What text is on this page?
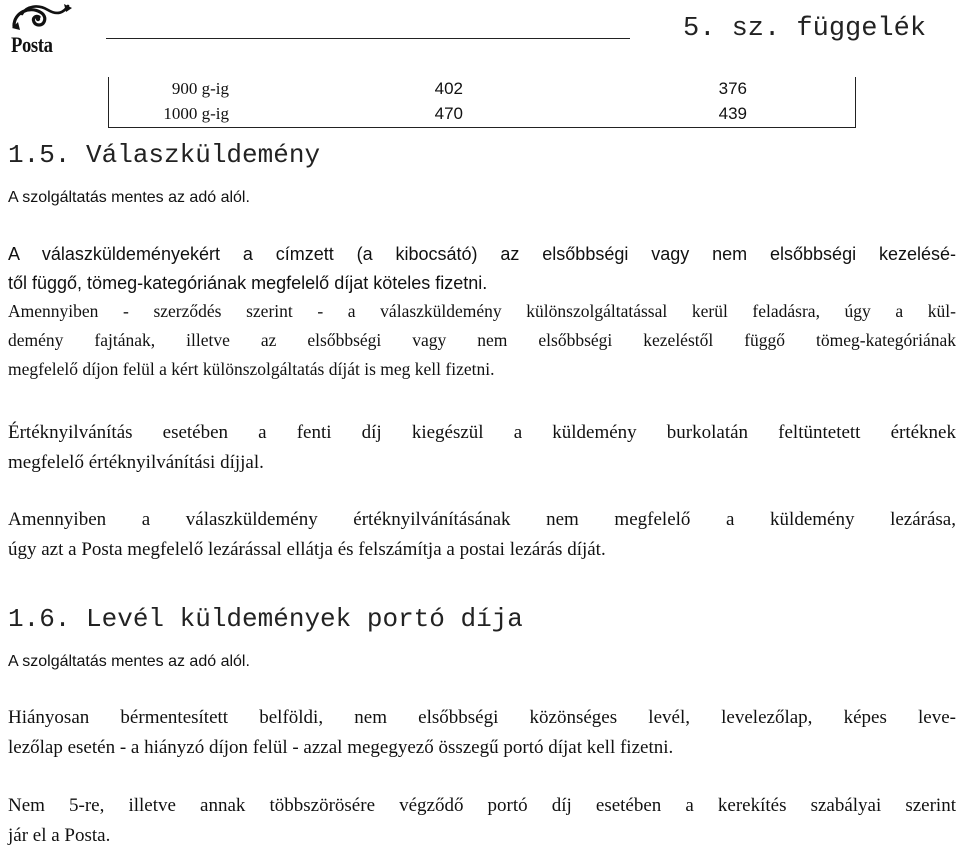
Posta
5. sz. függelék
900 g-ig	402	376
1000 g-ig	470	439
1.5. Válaszküldemény

A szolgáltatás mentes az adó alól.

A válaszküldeményekért a címzett (a kibocsátó) az elsőbbségi vagy nem elsőbbségi kezelésé-
től függő, tömeg-kategóriának megfelelő díjat köteles fizetni.

Amennyiben - szerződés szerint - a válaszküldemény különszolgáltatással kerül feladásra, úgy a kül-
demény fajtának, illetve az elsőbbségi vagy nem elsőbbségi kezeléstől függő tömeg-kategóriának
megfelelő díjon felül a kért különszolgáltatás díját is meg kell fizetni.

Értéknyilvánítás esetében a fenti díj kiegészül a küldemény burkolatán feltüntetett értéknek
megfelelő értéknyilvánítási díjjal.

Amennyiben a válaszküldemény értéknyilvánításának nem megfelelő a küldemény lezárása,
úgy azt a Posta megfelelő lezárással ellátja és felszámítja a postai lezárás díját.

1.6. Levél küldemények portó díja

A szolgáltatás mentes az adó alól.

Hiányosan bérmentesített belföldi, nem elsőbbségi közönséges levél, levelezőlap, képes leve-
lezőlap esetén - a hiányzó díjon felül - azzal megegyező összegű portó díjat kell fizetni.

Nem 5-re, illetve annak többszörösére végződő portó díj esetében a kerekítés szabályai szerint
jár el a Posta.
